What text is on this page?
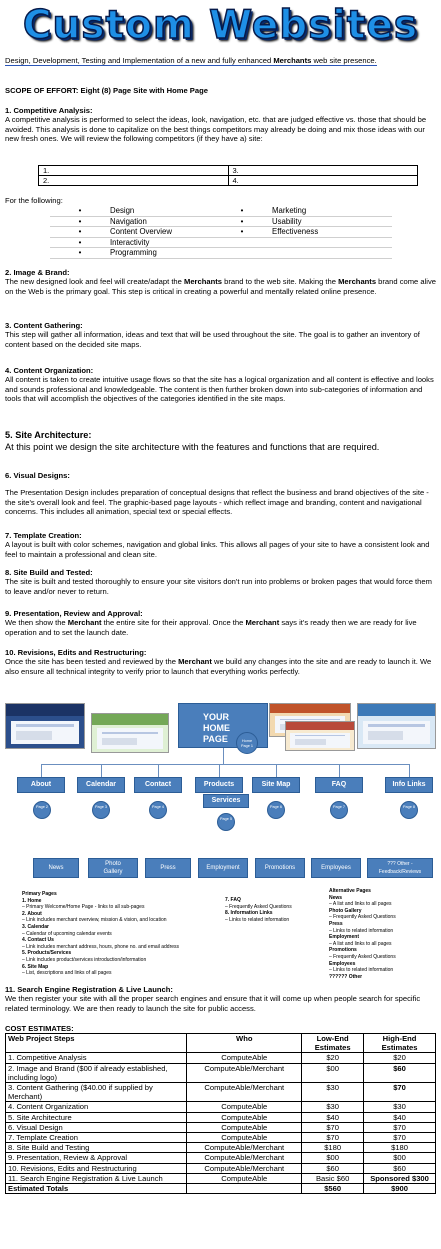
Custom Websites

Design, Development, Testing and Implementation of a new and fully enhanced Merchants web site presence.

SCOPE OF EFFORT: Eight (8) Page Site with Home Page

1. Competitive Analysis:

A competitive analysis is performed to select the ideas, look, navigation, etc. that are judged effective vs. those that should be avoided. This analysis is done to capitalize on the best things competitors may already be doing and mix those ideas with our new fresh ones. We will review the following competitors (if they have a) site:

1.	3.
2.	4.
For the following:
•	Design	•	Marketing
•	Navigation	•	Usability
•	Content Overview	•	Effectiveness
•	Interactivity
•	Programming

2. Image & Brand:

The new designed look and feel will create/adapt the Merchants brand to the web site. Making the Merchants brand come alive on the Web is the primary goal. This step is critical in creating a powerful and mentally related online presence.

3. Content Gathering:

This step will gather all information, ideas and text that will be used throughout the site. The goal is to gather an inventory of content based on the decided site maps.

4. Content Organization:

All content is taken to create intuitive usage flows so that the site has a logical organization and all content is effective and looks and sounds professional and knowledgeable. The content is then further broken down into sub-categories of information and tools that will accomplish the objectives of the categories identified in the site maps.

5. Site Architecture:

At this point we design the site architecture with the features and functions that are required.

6. Visual Designs:

The Presentation Design includes preparation of conceptual designs that reflect the business and brand objectives of the site - the site's overall look and feel. The graphic-based page layouts - which reflect image and branding, content and navigational concerns. This includes all animation, special text or special effects.

7. Template Creation:

A layout is built with color schemes, navigation and global links. This allows all pages of your site to have a consistent look and feel to maintain a professional and clean site.

8. Site Build and Tested:

The site is built and tested thoroughly to ensure your site visitors don't run into problems or broken pages that would force them to leave and/or never to return.

9. Presentation, Review and Approval:

We then show the Merchant the entire site for their approval. Once the Merchant says it's ready then we are ready for live operation and to set the launch date.

10. Revisions, Edits and Restructuring:

Once the site has been tested and reviewed by the Merchant we build any changes into the site and are ready to launch it. We also ensure all technical integrity to verify prior to launch that everything works perfectly.

YOUR
HOME
PAGE	Home Page 1
About	Calendar	Contact	Products	Site Map	FAQ	Info Links
Services
Page 2	Page 3	Page 4
Page 5
Page 6	Page 7	Page 8
News
Photo
Gallery
Press	Employment	Promotions	Employees
??? Other -
Feedback/Reviews
Primary Pages
1. Home
– Primary Welcome/Home Page - links to all sub-pages
2. About
– Link includes merchant overview, mission & vision, and location
3. Calendar
– Calendar of upcoming calendar events
4. Contact Us
– Link includes merchant address, hours, phone no. and email address
5. Products/Services
– Link includes product/services introduction/information
6. Site Map
– List, descriptions and links of all pages
7. FAQ
– Frequently Asked Questions
8. Information Links
– Links to related information
Alternative Pages
News
– A list and links to all pages
Photo Gallery
– Frequently Asked Questions
Press
– Links to related information
Employment
– A list and links to all pages
Promotions
– Frequently Asked Questions
Employees
– Links to related information
?????? Other

11. Search Engine Registration & Live Launch:

We then register your site with all the proper search engines and ensure that it will come up when people search for specific related terminology. We are then ready to launch the site for public access.

COST ESTIMATES:
Web Project Steps	Who	Low-End Estimates	High-End Estimates
1. Competitive Analysis	ComputeAble	$20	$20
2. Image and Brand ($00 if already established, including logo)	ComputeAble/Merchant	$00	$60
3. Content Gathering ($40.00 if supplied by Merchant)	ComputeAble/Merchant	$30	$70
4. Content Organization	ComputeAble	$30	$30
5. Site Architecture	ComputeAble	$40	$40
6. Visual Design	ComputeAble	$70	$70
7. Template Creation	ComputeAble	$70	$70
8. Site Build and Testing	ComputeAble/Merchant	$180	$180
9. Presentation, Review & Approval	ComputeAble/Merchant	$00	$00
10. Revisions, Edits and Restructuring	ComputeAble/Merchant	$60	$60
11. Search Engine Registration & Live Launch	ComputeAble	Basic $60	Sponsored $300
Estimated Totals		$560	$900
